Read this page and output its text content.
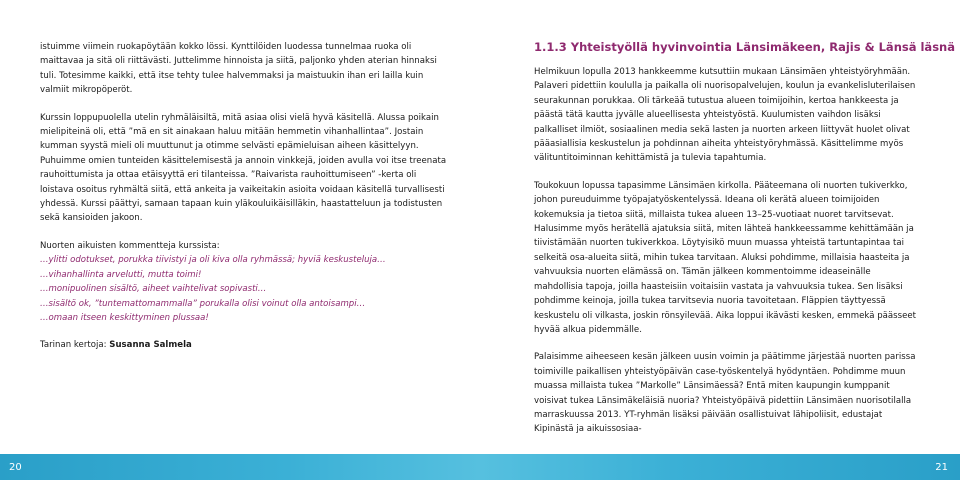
istuimme viimein ruokapöytään kokko lössi. Kynttilöiden luodessa tunnelmaa ruoka oli maittavaa ja sitä oli riittävästi. Juttelimme hinnoista ja siitä, paljonko yhden aterian hinnaksi tuli. Totesimme kaikki, että itse tehty tulee halvemmaksi ja maistuukin ihan eri lailla kuin valmiit mikropöperöt.

Kurssin loppupuolella utelin ryhmäläisiltä, mitä asiaa olisi vielä hyvä käsitellä. Alussa poikain mielipiteinä oli, että ”mä en sit ainakaan haluu mitään hemmetin vihanhallintaa”. Jostain kumman syystä mieli oli muuttunut ja otimme selvästi epämieluisan aiheen käsittelyyn. Puhuimme omien tunteiden käsittelemisestä ja annoin vinkkejä, joiden avulla voi itse treenata rauhoittumista ja ottaa etäisyyttä eri tilanteissa. ”Raivarista rauhoittumiseen” -kerta oli loistava osoitus ryhmältä siitä, että ankeita ja vaikeitakin asioita voidaan käsitellä turvallisesti yhdessä. Kurssi päättyi, samaan tapaan kuin yläkouluikäisilläkin, haastatteluun ja todistusten sekä kansioiden jakoon.

Nuorten aikuisten kommentteja kurssista:

…ylitti odotukset, porukka tiivistyi ja oli kiva olla ryhmässä; hyviä keskusteluja…
…vihanhallinta arvelutti, mutta toimi!
…monipuolinen sisältö, aiheet vaihtelivat sopivasti…
…sisältö ok, ”tuntemattomammalla” porukalla olisi voinut olla antoisampi…
…omaan itseen keskittyminen plussaa!

Tarinan kertoja: Susanna Salmela

1.1.3 Yhteistyöllä hyvinvointia Länsimäkeen, Rajis & Länsä läsnä

Helmikuun lopulla 2013 hankkeemme kutsuttiin mukaan Länsimäen yhteistyöryhmään. Palaveri pidettiin koululla ja paikalla oli nuorisopalvelujen, koulun ja evankelisluterilaisen seurakunnan porukkaa. Oli tärkeää tutustua alueen toimijoihin, kertoa hankkeesta ja päästä tätä kautta jyvälle alueellisesta yhteistyöstä. Kuulumisten vaihdon lisäksi palkalliset ilmiöt, sosiaalinen media sekä lasten ja nuorten arkeen liittyvät huolet olivat pääasiallisia keskustelun ja pohdinnan aiheita yhteistyöryhmässä. Käsittelimme myös välituntitoiminnan kehittämistä ja tulevia tapahtumia.

Toukokuun lopussa tapasimme Länsimäen kirkolla. Pääteemana oli nuorten tukiverkko, johon pureuduimme työpajatyöskentelyssä. Ideana oli kerätä alueen toimijoiden kokemuksia ja tietoa siitä, millaista tukea alueen 13–25-vuotiaat nuoret tarvitsevat. Halusimme myös herätellä ajatuksia siitä, miten lähteä hankkeessamme kehittämään ja tiivistämään nuorten tukiverkkoa. Löytyisikö muun muassa yhteistä tartuntapintaa tai selkeitä osa-alueita siitä, mihin tukea tarvitaan. Aluksi pohdimme, millaisia haasteita ja vahvuuksia nuorten elämässä on. Tämän jälkeen kommentoimme ideaseinälle mahdollisia tapoja, joilla haasteisiin voitaisiin vastata ja vahvuuksia tukea. Sen lisäksi pohdimme keinoja, joilla tukea tarvitsevia nuoria tavoitetaan. Fläppien täyttyessä keskustelu oli vilkasta, joskin rönsyilevää. Aika loppui ikävästi kesken, emmekä päässeet hyvää alkua pidemmälle.

Palaisimme aiheeseen kesän jälkeen uusin voimin ja päätimme järjestää nuorten parissa toimiville paikallisen yhteistyöpäivän case-työskentelyä hyödyntäen. Pohdimme muun muassa millaista tukea ”Markolle” Länsimäessä? Entä miten kaupungin kumppanit voisivat tukea Länsimäkeläisiä nuoria? Yhteistyöpäivä pidettiin Länsimäen nuorisotilalla marraskuussa 2013. YT-ryhmän lisäksi päivään osallistuivat lähipoliisit, edustajat Kipinästä ja aikuissosiaa-

20	21
